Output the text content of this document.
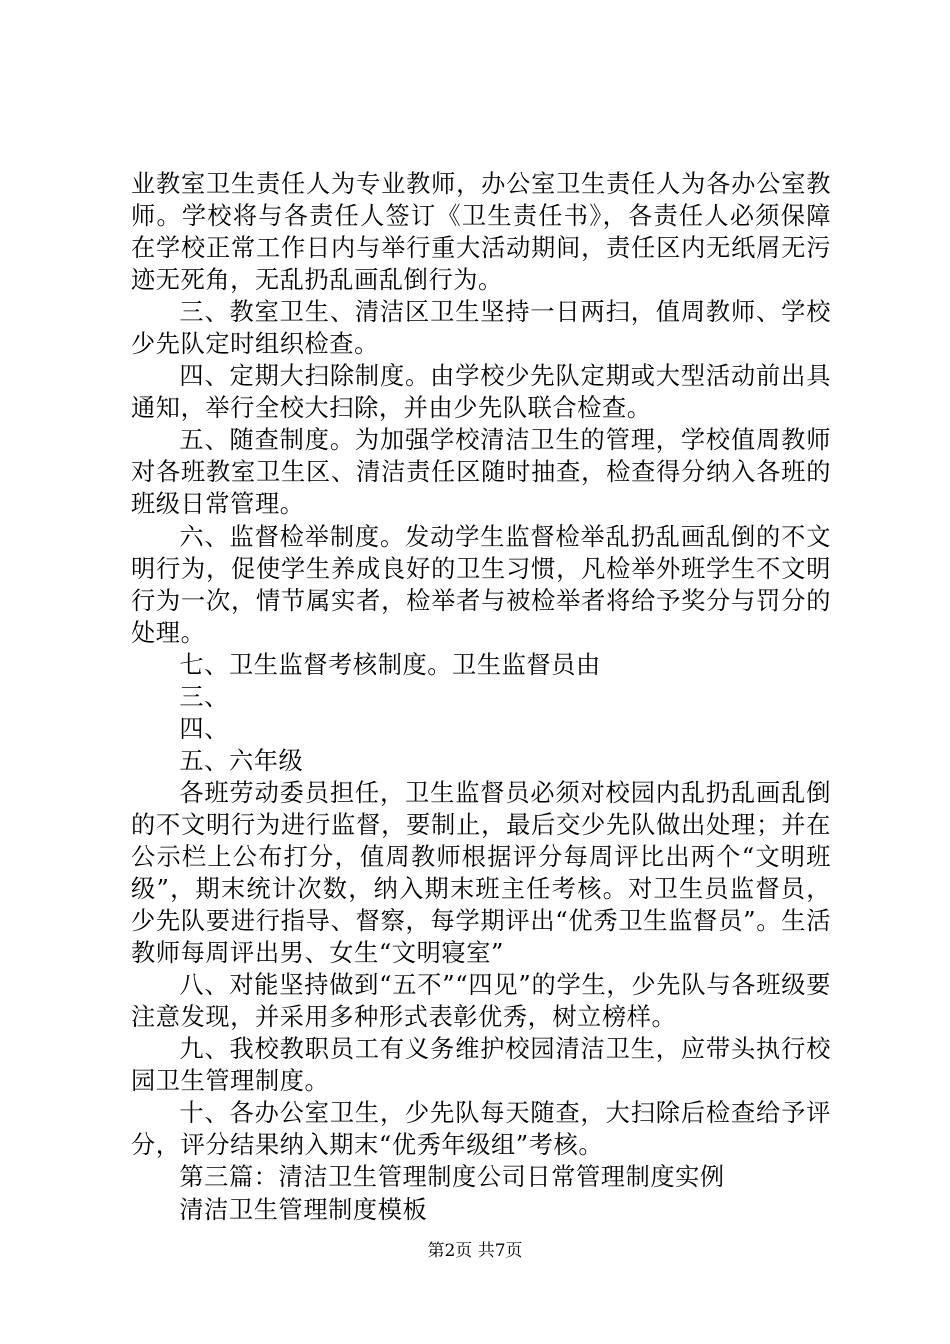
业教室卫生责任人为专业教师，办公室卫生责任人为各办公室教师。学校将与各责任人签订《卫生责任书》，各责任人必须保障在学校正常工作日内与举行重大活动期间，责任区内无纸屑无污迹无死角，无乱扔乱画乱倒行为。

三、教室卫生、清洁区卫生坚持一日两扫，值周教师、学校少先队定时组织检查。

四、定期大扫除制度。由学校少先队定期或大型活动前出具通知，举行全校大扫除，并由少先队联合检查。

五、随查制度。为加强学校清洁卫生的管理，学校值周教师对各班教室卫生区、清洁责任区随时抽查，检查得分纳入各班的班级日常管理。

六、监督检举制度。发动学生监督检举乱扔乱画乱倒的不文明行为，促使学生养成良好的卫生习惯，凡检举外班学生不文明行为一次，情节属实者，检举者与被检举者将给予奖分与罚分的处理。

七、卫生监督考核制度。卫生监督员由

三、

四、

五、六年级

各班劳动委员担任，卫生监督员必须对校园内乱扔乱画乱倒的不文明行为进行监督，要制止，最后交少先队做出处理；并在公示栏上公布打分，值周教师根据评分每周评比出两个“文明班级”，期末统计次数，纳入期末班主任考核。对卫生员监督员，少先队要进行指导、督察，每学期评出“优秀卫生监督员”。生活教师每周评出男、女生“文明寝室”

八、对能坚持做到“五不”“四见”的学生，少先队与各班级要注意发现，并采用多种形式表彰优秀，树立榜样。

九、我校教职员工有义务维护校园清洁卫生，应带头执行校园卫生管理制度。

十、各办公室卫生，少先队每天随查，大扫除后检查给予评分，评分结果纳入期末“优秀年级组”考核。

第三篇：清洁卫生管理制度公司日常管理制度实例

清洁卫生管理制度模板

第2页 共7页
